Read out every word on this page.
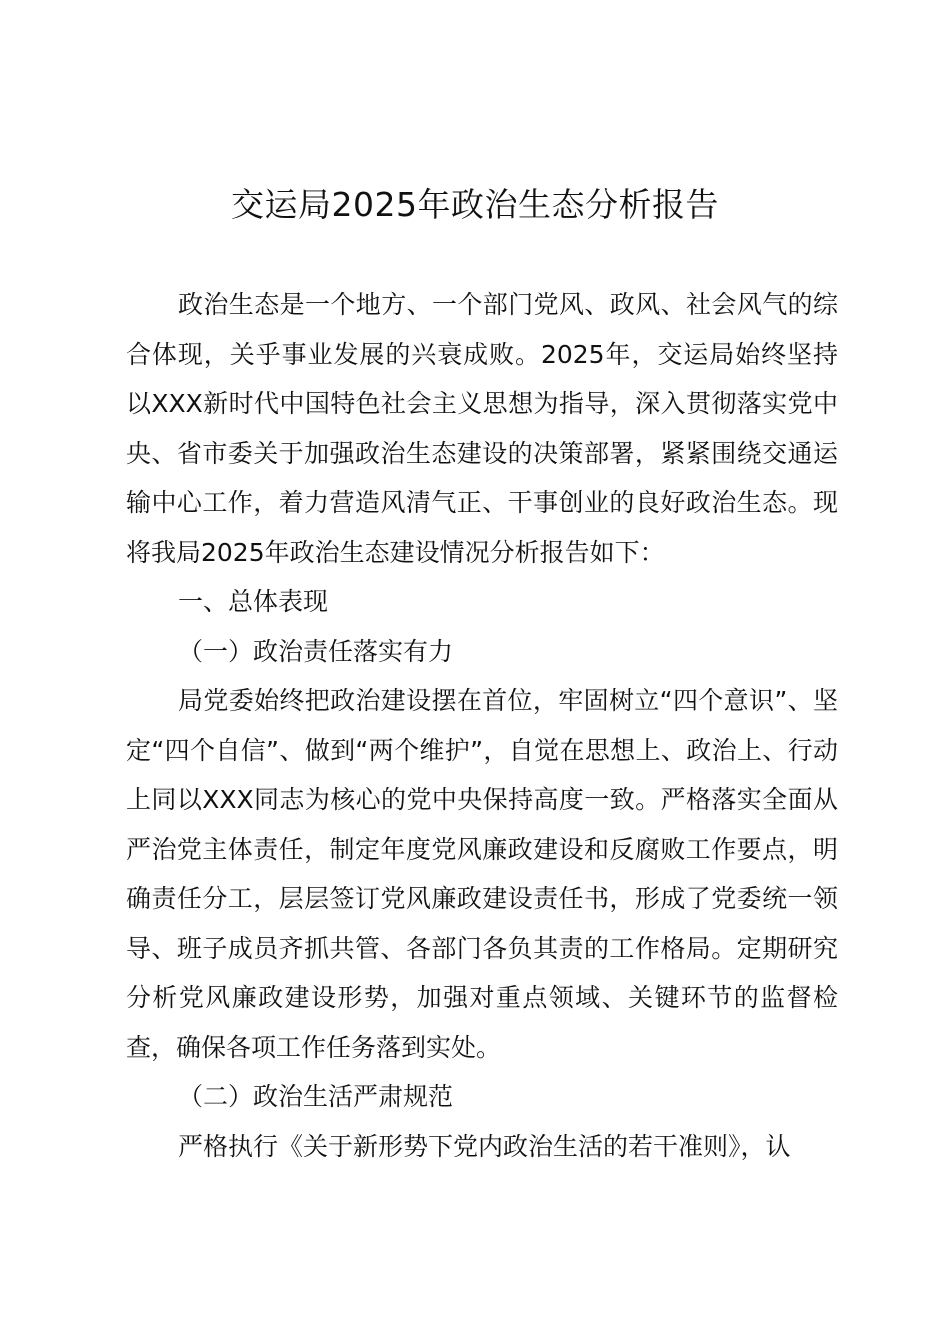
交运局2025年政治生态分析报告

政治生态是一个地方、一个部门党风、政风、社会风气的综合体现，关乎事业发展的兴衰成败。2025年，交运局始终坚持以XXX新时代中国特色社会主义思想为指导，深入贯彻落实党中央、省市委关于加强政治生态建设的决策部署，紧紧围绕交通运输中心工作，着力营造风清气正、干事创业的良好政治生态。现将我局2025年政治生态建设情况分析报告如下：

一、总体表现

（一）政治责任落实有力

局党委始终把政治建设摆在首位，牢固树立“四个意识”、坚定“四个自信”、做到“两个维护”，自觉在思想上、政治上、行动上同以XXX同志为核心的党中央保持高度一致。严格落实全面从严治党主体责任，制定年度党风廉政建设和反腐败工作要点，明确责任分工，层层签订党风廉政建设责任书，形成了党委统一领导、班子成员齐抓共管、各部门各负其责的工作格局。定期研究分析党风廉政建设形势，加强对重点领域、关键环节的监督检查，确保各项工作任务落到实处。

（二）政治生活严肃规范

严格执行《关于新形势下党内政治生活的若干准则》，认
